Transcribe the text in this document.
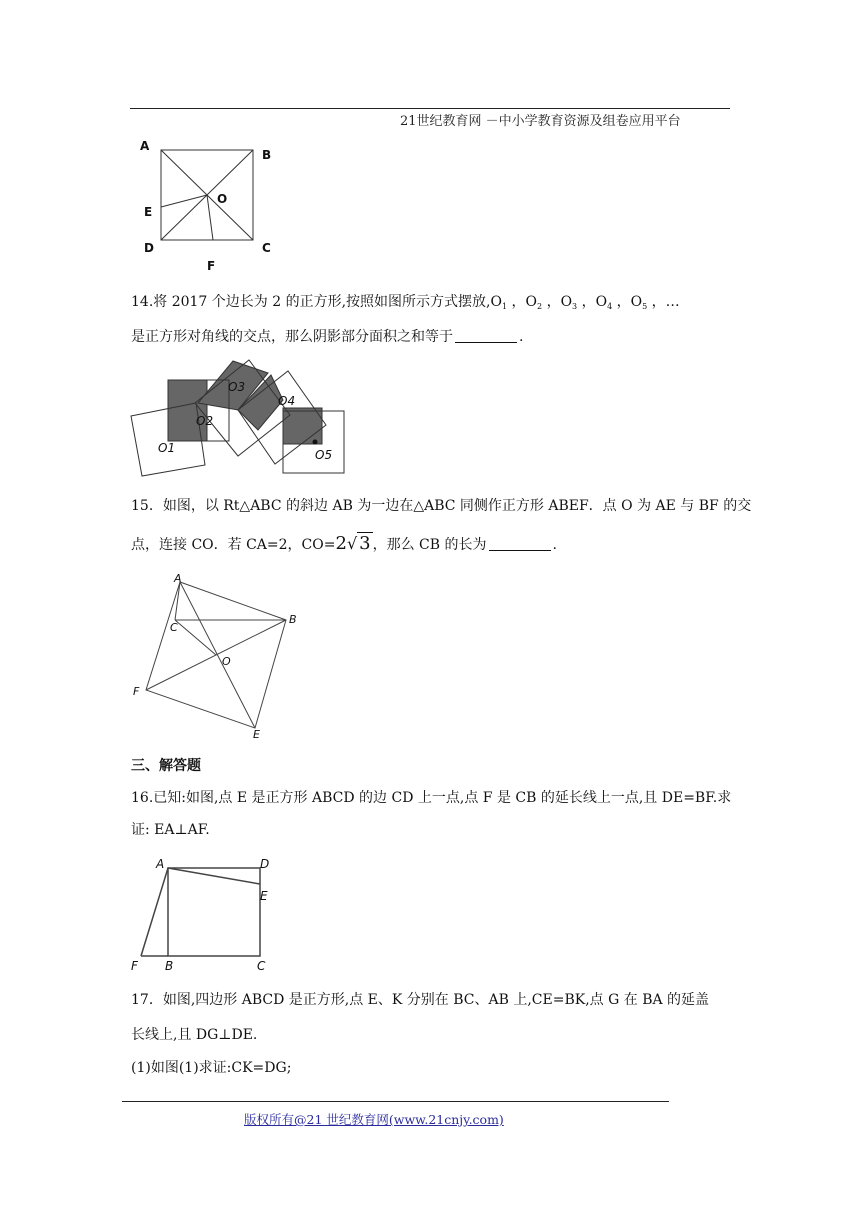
21世纪教育网 －中小学教育资源及组卷应用平台
A
B
O
E
D	C
F
14.将 2017 个边长为 2 的正方形,按照如图所示方式摆放$,O_1$ ，$O_2$ ，$O_3$ ，$O_4$ ，$O_5$ ，…
是正方形对角线的交点，那么阴影部分面积之和等于	.
O1
O2
O3
O4
O5
15．如图，以 Rt△ABC 的斜边 AB 为一边在△ABC 同侧作正方形 ABEF．点 O 为 AE 与 BF 的交
点，连接 CO．若 CA=2，CO=2√ 3 ，那么 CB 的长为	.
A
B
C
O
F
E
三、解答题
16.已知:如图,点 E 是正方形 ABCD 的边 CD 上一点,点 F 是 CB 的延长线上一点,且 DE=BF.求
证: EA⊥AF.
A	D
E
F B	C
17．如图,四边形 ABCD 是正方形,点 E、K 分别在 BC、AB 上,CE=BK,点 G 在 BA 的延盖
长线上,且 DG⊥DE.
(1)如图(1)求证:CK=DG;
版权所有@21 世纪教育网(www.21cnjy.com)
